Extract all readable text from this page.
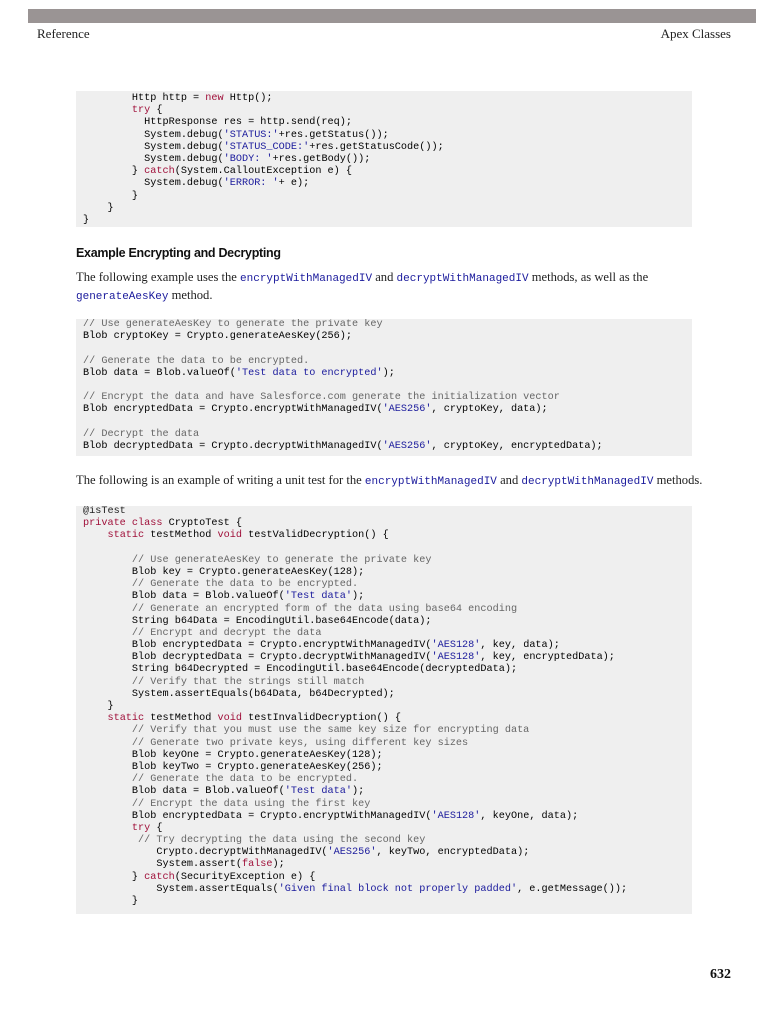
Reference	Apex Classes
Http http = new Http();
try {
HttpResponse res = http.send(req);
System.debug('STATUS:'+res.getStatus());
System.debug('STATUS_CODE:'+res.getStatusCode());
System.debug('BODY: '+res.getBody());
} catch(System.CalloutException e) {
System.debug('ERROR: '+ e);
}
}
}
Example Encrypting and Decrypting
The following example uses the encryptWithManagedIV and decryptWithManagedIV methods, as well as the
generateAesKey method.
// Use generateAesKey to generate the private key
Blob cryptoKey = Crypto.generateAesKey(256);
// Generate the data to be encrypted.
Blob data = Blob.valueOf('Test data to encrypted');
// Encrypt the data and have Salesforce.com generate the initialization vector
Blob encryptedData = Crypto.encryptWithManagedIV('AES256', cryptoKey, data);
// Decrypt the data
Blob decryptedData = Crypto.decryptWithManagedIV('AES256', cryptoKey, encryptedData);
The following is an example of writing a unit test for the encryptWithManagedIV and decryptWithManagedIV methods.
@isTest
private class CryptoTest {
static testMethod void testValidDecryption() {
// Use generateAesKey to generate the private key
Blob key = Crypto.generateAesKey(128);
// Generate the data to be encrypted.
Blob data = Blob.valueOf('Test data');
// Generate an encrypted form of the data using base64 encoding
String b64Data = EncodingUtil.base64Encode(data);
// Encrypt and decrypt the data
Blob encryptedData = Crypto.encryptWithManagedIV('AES128', key, data);
Blob decryptedData = Crypto.decryptWithManagedIV('AES128', key, encryptedData);
String b64Decrypted = EncodingUtil.base64Encode(decryptedData);
// Verify that the strings still match
System.assertEquals(b64Data, b64Decrypted);
}
static testMethod void testInvalidDecryption() {
// Verify that you must use the same key size for encrypting data
// Generate two private keys, using different key sizes
Blob keyOne = Crypto.generateAesKey(128);
Blob keyTwo = Crypto.generateAesKey(256);
// Generate the data to be encrypted.
Blob data = Blob.valueOf('Test data');
// Encrypt the data using the first key
Blob encryptedData = Crypto.encryptWithManagedIV('AES128', keyOne, data);
try {
// Try decrypting the data using the second key
Crypto.decryptWithManagedIV('AES256', keyTwo, encryptedData);
System.assert(false);
} catch(SecurityException e) {
System.assertEquals('Given final block not properly padded', e.getMessage());
}
632
